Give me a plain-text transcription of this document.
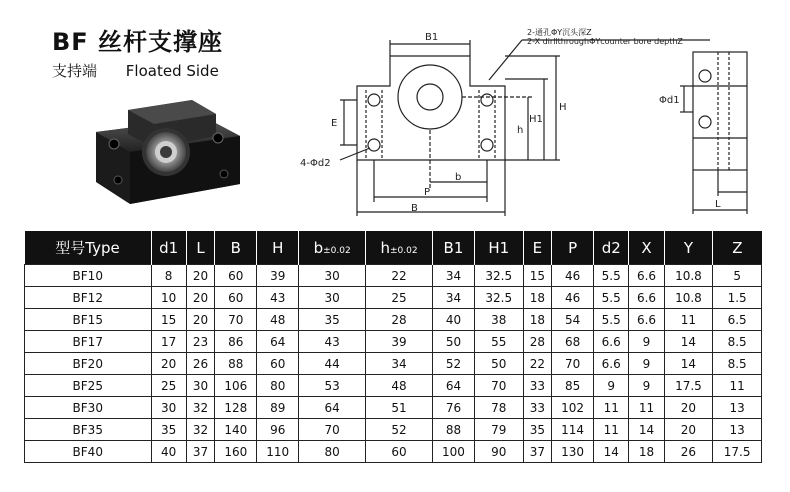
BF 丝杆支撑座
支持端 Floated Side
B1	2-通孔ΦY沉头深Z
2-X dirllthroughΦYcounter bore depthZ
H
H1
h
E
4-Φd2
b
P
B
Φd1
L
型号Type	d1	L	B	H	b±0.02	h±0.02	B1	H1	E	P	d2	X	Y	Z
BF10	8	20	60	39	30	22	34	32.5	15	46	5.5	6.6	10.8	5
BF12	10	20	60	43	30	25	34	32.5	18	46	5.5	6.6	10.8	1.5
BF15	15	20	70	48	35	28	40	38	18	54	5.5	6.6	11	6.5
BF17	17	23	86	64	43	39	50	55	28	68	6.6	9	14	8.5
BF20	20	26	88	60	44	34	52	50	22	70	6.6	9	14	8.5
BF25	25	30	106	80	53	48	64	70	33	85	9	9	17.5	11
BF30	30	32	128	89	64	51	76	78	33	102	11	11	20	13
BF35	35	32	140	96	70	52	88	79	35	114	11	14	20	13
BF40	40	37	160	110	80	60	100	90	37	130	14	18	26	17.5
